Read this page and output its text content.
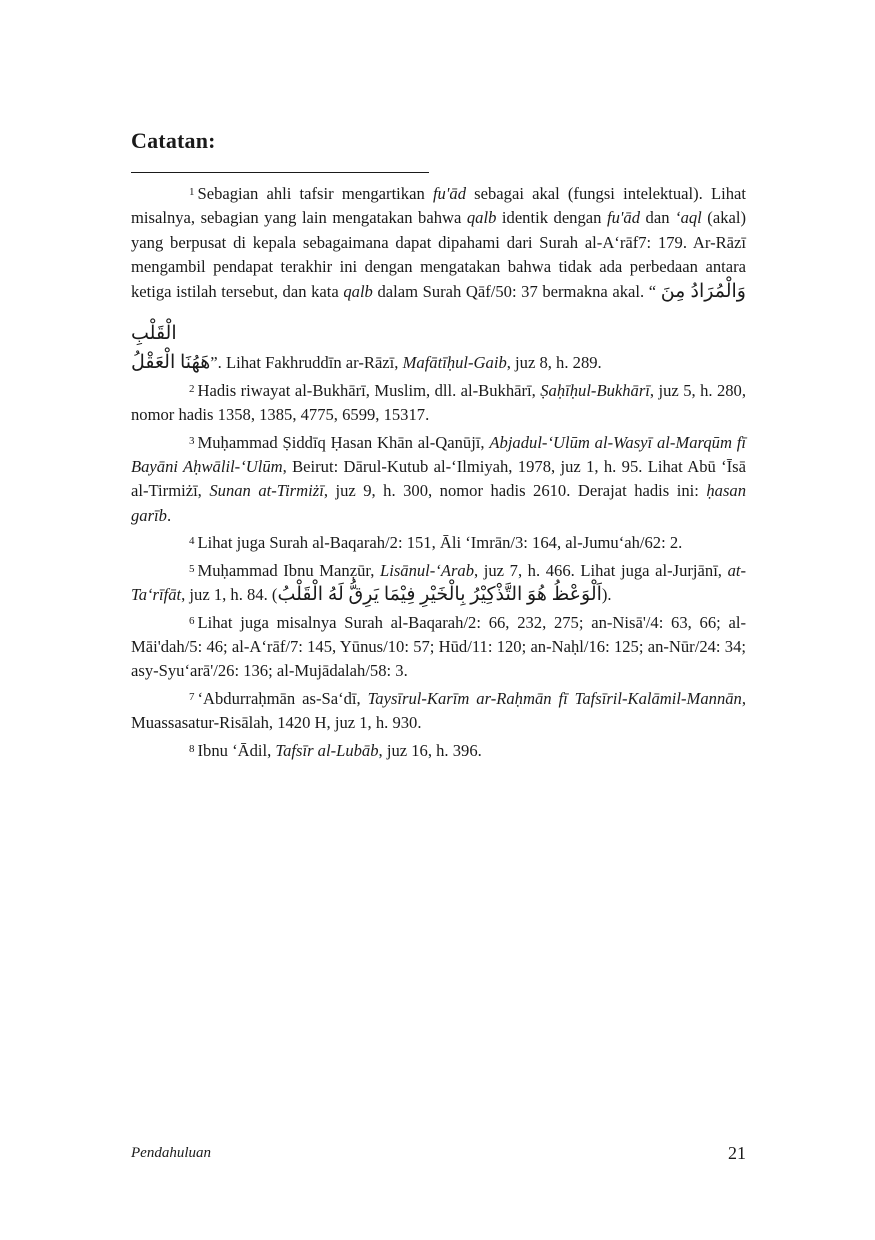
Catatan:

$^1$ Sebagian ahli tafsir mengartikan fu'ād sebagai akal (fungsi intelektual). Lihat misalnya, sebagian yang lain mengatakan bahwa qalb identik dengan fu'ād dan ‘aql (akal) yang berpusat di kepala sebagaimana dapat dipahami dari Surah al-A‘rāf7: 179. Ar-Rāzī mengambil pendapat terakhir ini dengan mengatakan bahwa tidak ada perbedaan antara ketiga istilah tersebut, dan kata qalb dalam Surah Qāf/50: 37 bermakna akal. “ وَالْمُرَادُ مِنَ الْقَلْبِ
هَهُنَا الْعَقْلُ”. Lihat Fakhruddīn ar-Rāzī, Mafātīḥul-Gaib, juz 8, h. 289.

$^2$ Hadis riwayat al-Bukhārī, Muslim, dll. al-Bukhārī, Ṣaḥīḥul-Bukhārī, juz 5, h. 280, nomor hadis 1358, 1385, 4775, 6599, 15317.

$^3$ Muḥammad Ṣiddīq Ḥasan Khān al-Qanūjī, Abjadul-‘Ulūm al-Wasyī al-Marqūm fī Bayāni Aḥwālil-‘Ulūm, Beirut: Dārul-Kutub al-‘Ilmiyah, 1978, juz 1, h. 95. Lihat Abū ‘Īsā al-Tirmiżī, Sunan at-Tirmiżī, juz 9, h. 300, nomor hadis 2610. Derajat hadis ini: ḥasan garīb.

$^4$ Lihat juga Surah al-Baqarah/2: 151, Āli ‘Imrān/3: 164, al-Jumu‘ah/62: 2.

$^5$ Muḥammad Ibnu Manẓūr, Lisānul-‘Arab, juz 7, h. 466. Lihat juga al-Jurjānī, at-Ta‘rīfāt, juz 1, h. 84. (اَلْوَعْظُ هُوَ التَّذْكِيْرُ بِالْخَيْرِ فِيْمَا يَرِقُّ لَهُ الْقَلْبُ).

$^6$ Lihat juga misalnya Surah al-Baqarah/2: 66, 232, 275; an-Nisā'/4: 63, 66; al-Māi'dah/5: 46; al-A‘rāf/7: 145, Yūnus/10: 57; Hūd/11: 120; an-Naḥl/16: 125; an-Nūr/24: 34; asy-Syu‘arā'/26: 136; al-Mujādalah/58: 3.

$^7$ ‘Abdurraḥmān as-Sa‘dī, Taysīrul-Karīm ar-Raḥmān fī Tafsīril-Kalāmil-Mannān, Muassasatur-Risālah, 1420 H, juz 1, h. 930.

$^8$ Ibnu ‘Ādil, Tafsīr al-Lubāb, juz 16, h. 396.

Pendahuluan	21
